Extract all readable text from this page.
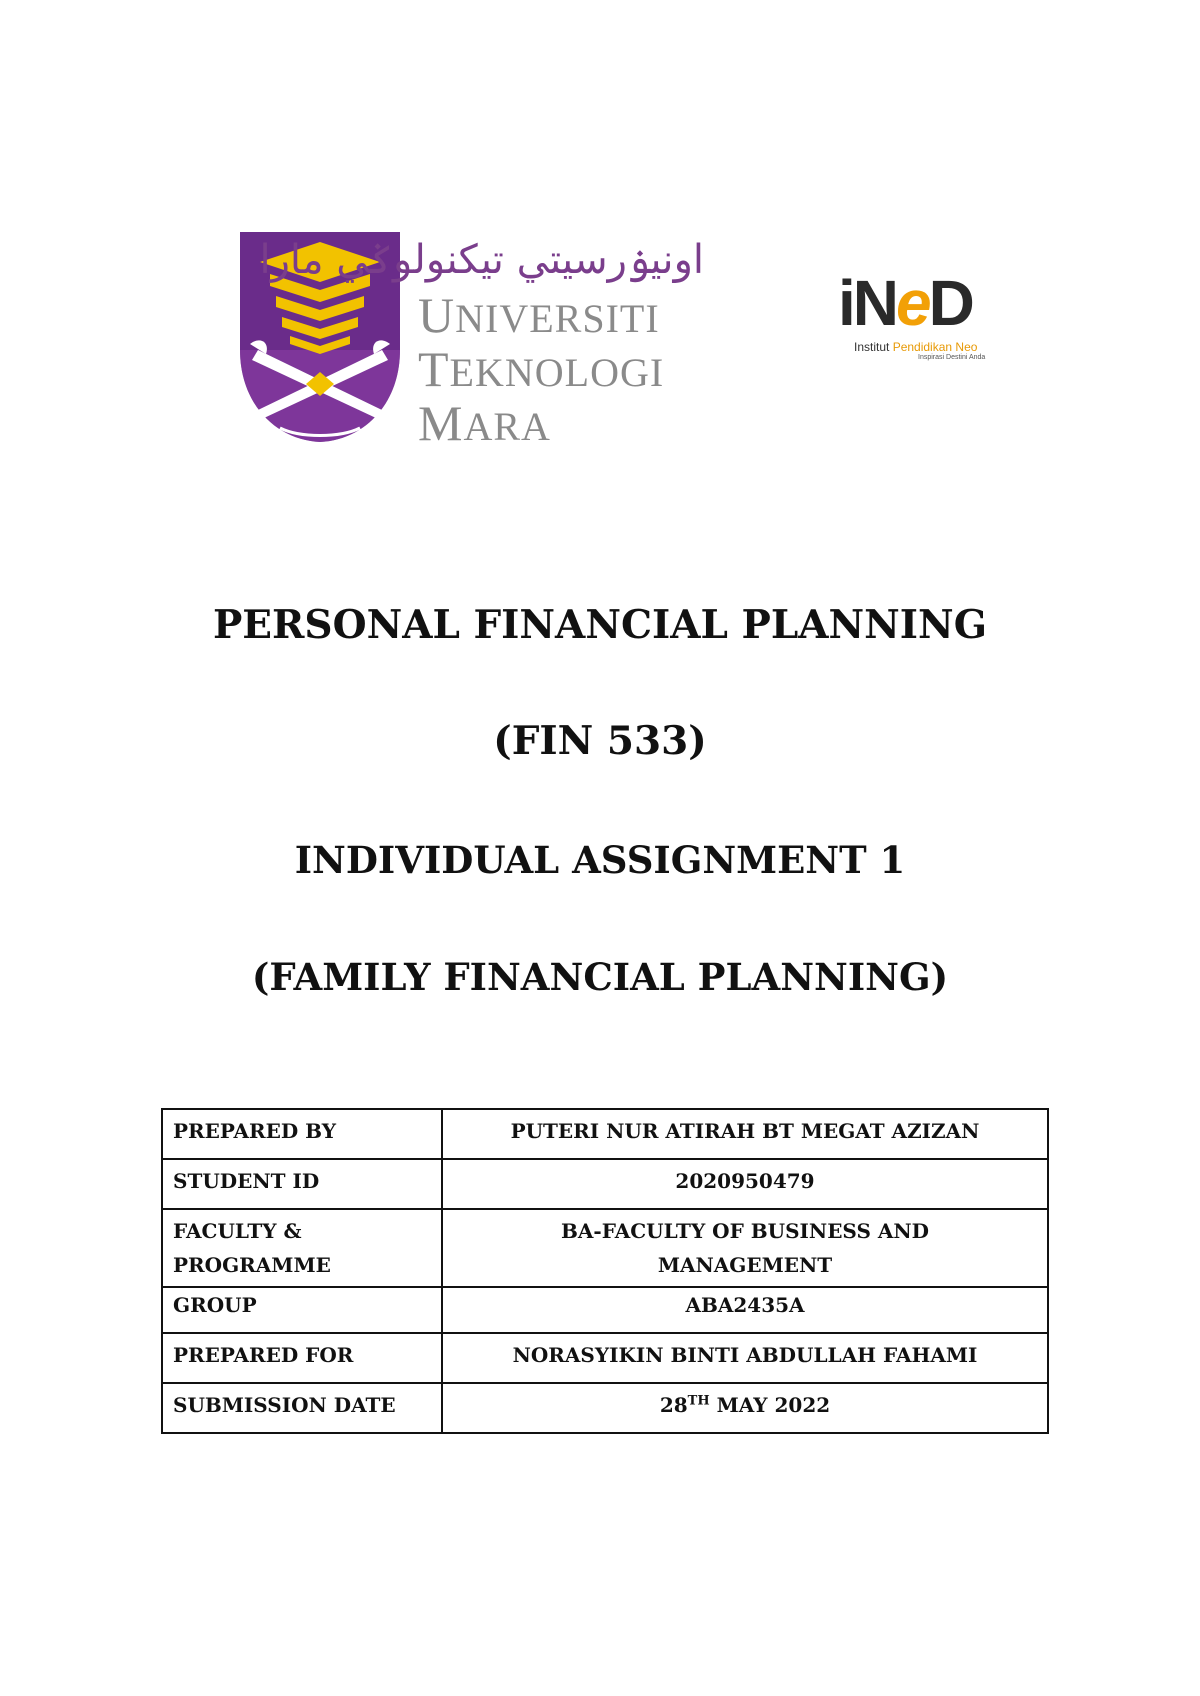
اونيۏرسيتي تيكنولوݢي مارا
UNIVERSITI
TEKNOLOGI
MARA
iNeD
Institut Pendidikan Neo
Inspirasi Destini Anda
PERSONAL FINANCIAL PLANNING
(FIN 533)
INDIVIDUAL ASSIGNMENT 1
(FAMILY FINANCIAL PLANNING)
PREPARED BY	PUTERI NUR ATIRAH BT MEGAT AZIZAN
STUDENT ID	2020950479
FACULTY &
PROGRAMME	BA-FACULTY OF BUSINESS AND
MANAGEMENT
GROUP	ABA2435A
PREPARED FOR	NORASYIKIN BINTI ABDULLAH FAHAMI
SUBMISSION DATE	28TH MAY 2022
